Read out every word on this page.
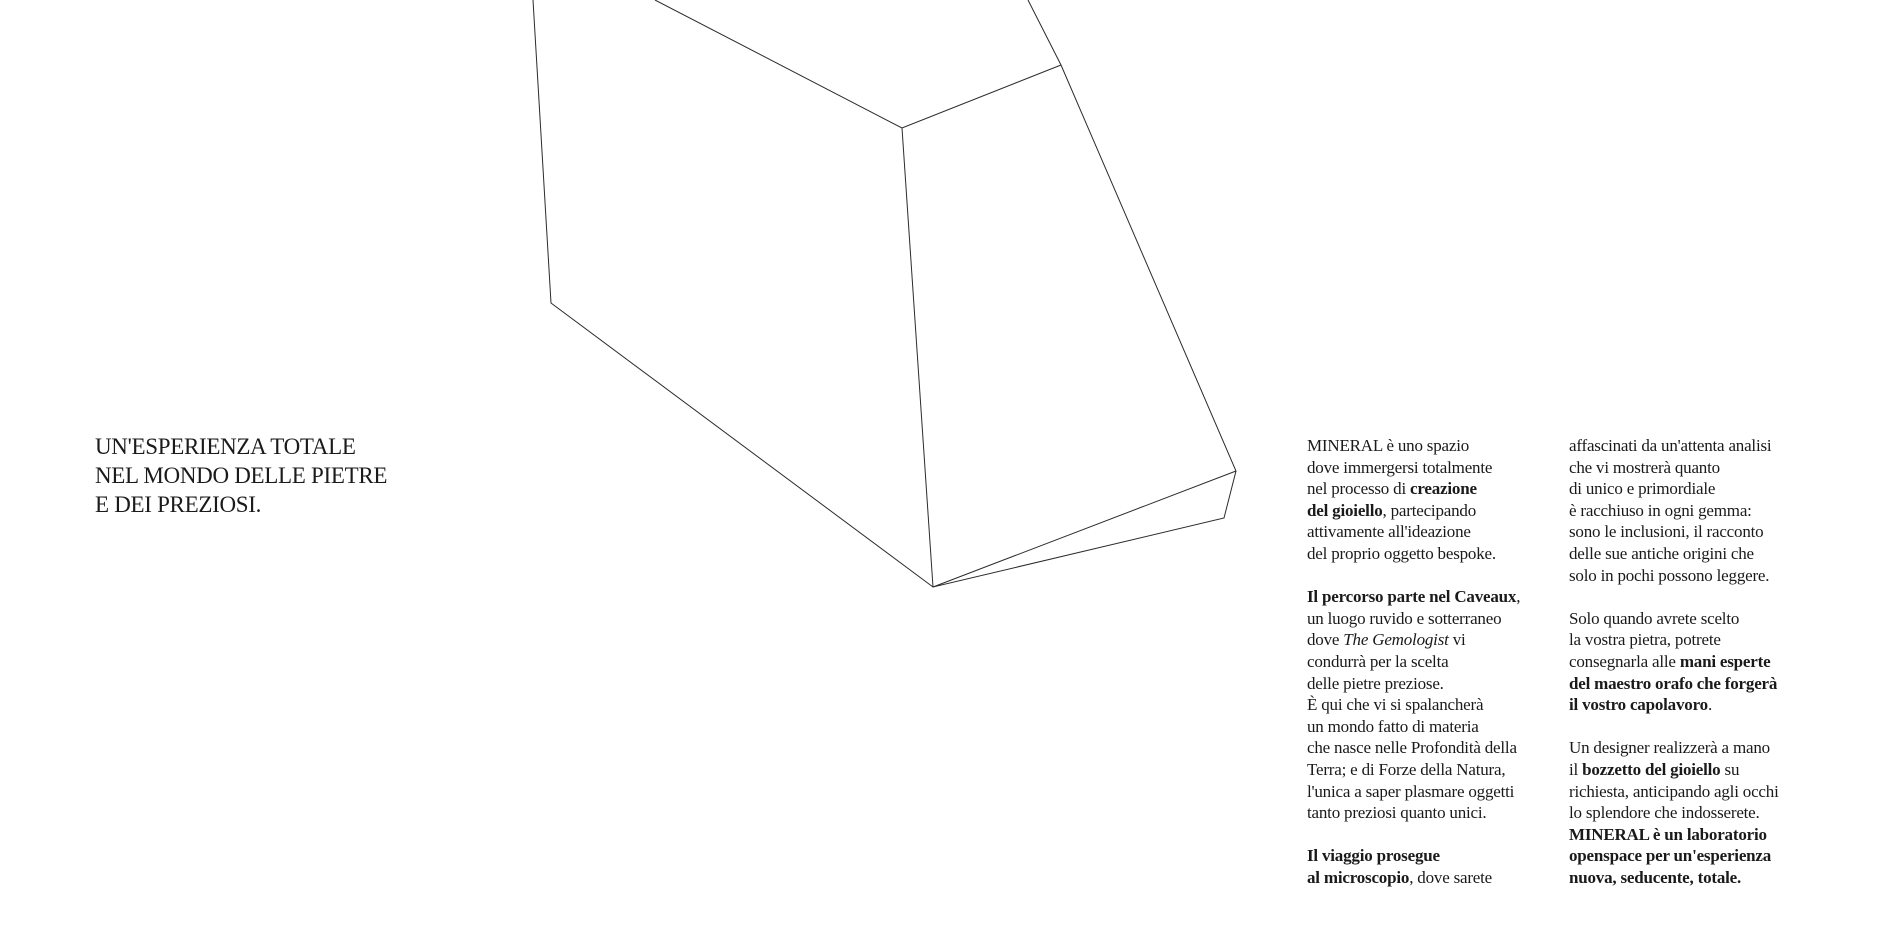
UN'ESPERIENZA TOTALE
NEL MONDO DELLE PIETRE
E DEI PREZIOSI.

MINERAL è uno spazio
dove immergersi totalmente
nel processo di creazione
del gioiello, partecipando
attivamente all'ideazione
del proprio oggetto bespoke.

Il percorso parte nel Caveaux,
un luogo ruvido e sotterraneo
dove The Gemologist vi
condurrà per la scelta
delle pietre preziose.
È qui che vi si spalancherà
un mondo fatto di materia
che nasce nelle Profondità della
Terra; e di Forze della Natura,
l'unica a saper plasmare oggetti
tanto preziosi quanto unici.

Il viaggio prosegue
al microscopio, dove sarete

affascinati da un'attenta analisi
che vi mostrerà quanto
di unico e primordiale
è racchiuso in ogni gemma:
sono le inclusioni, il racconto
delle sue antiche origini che
solo in pochi possono leggere.

Solo quando avrete scelto
la vostra pietra, potrete
consegnarla alle mani esperte
del maestro orafo che forgerà
il vostro capolavoro.

Un designer realizzerà a mano
il bozzetto del gioiello su
richiesta, anticipando agli occhi
lo splendore che indosserete.
MINERAL è un laboratorio
openspace per un'esperienza
nuova, seducente, totale.
